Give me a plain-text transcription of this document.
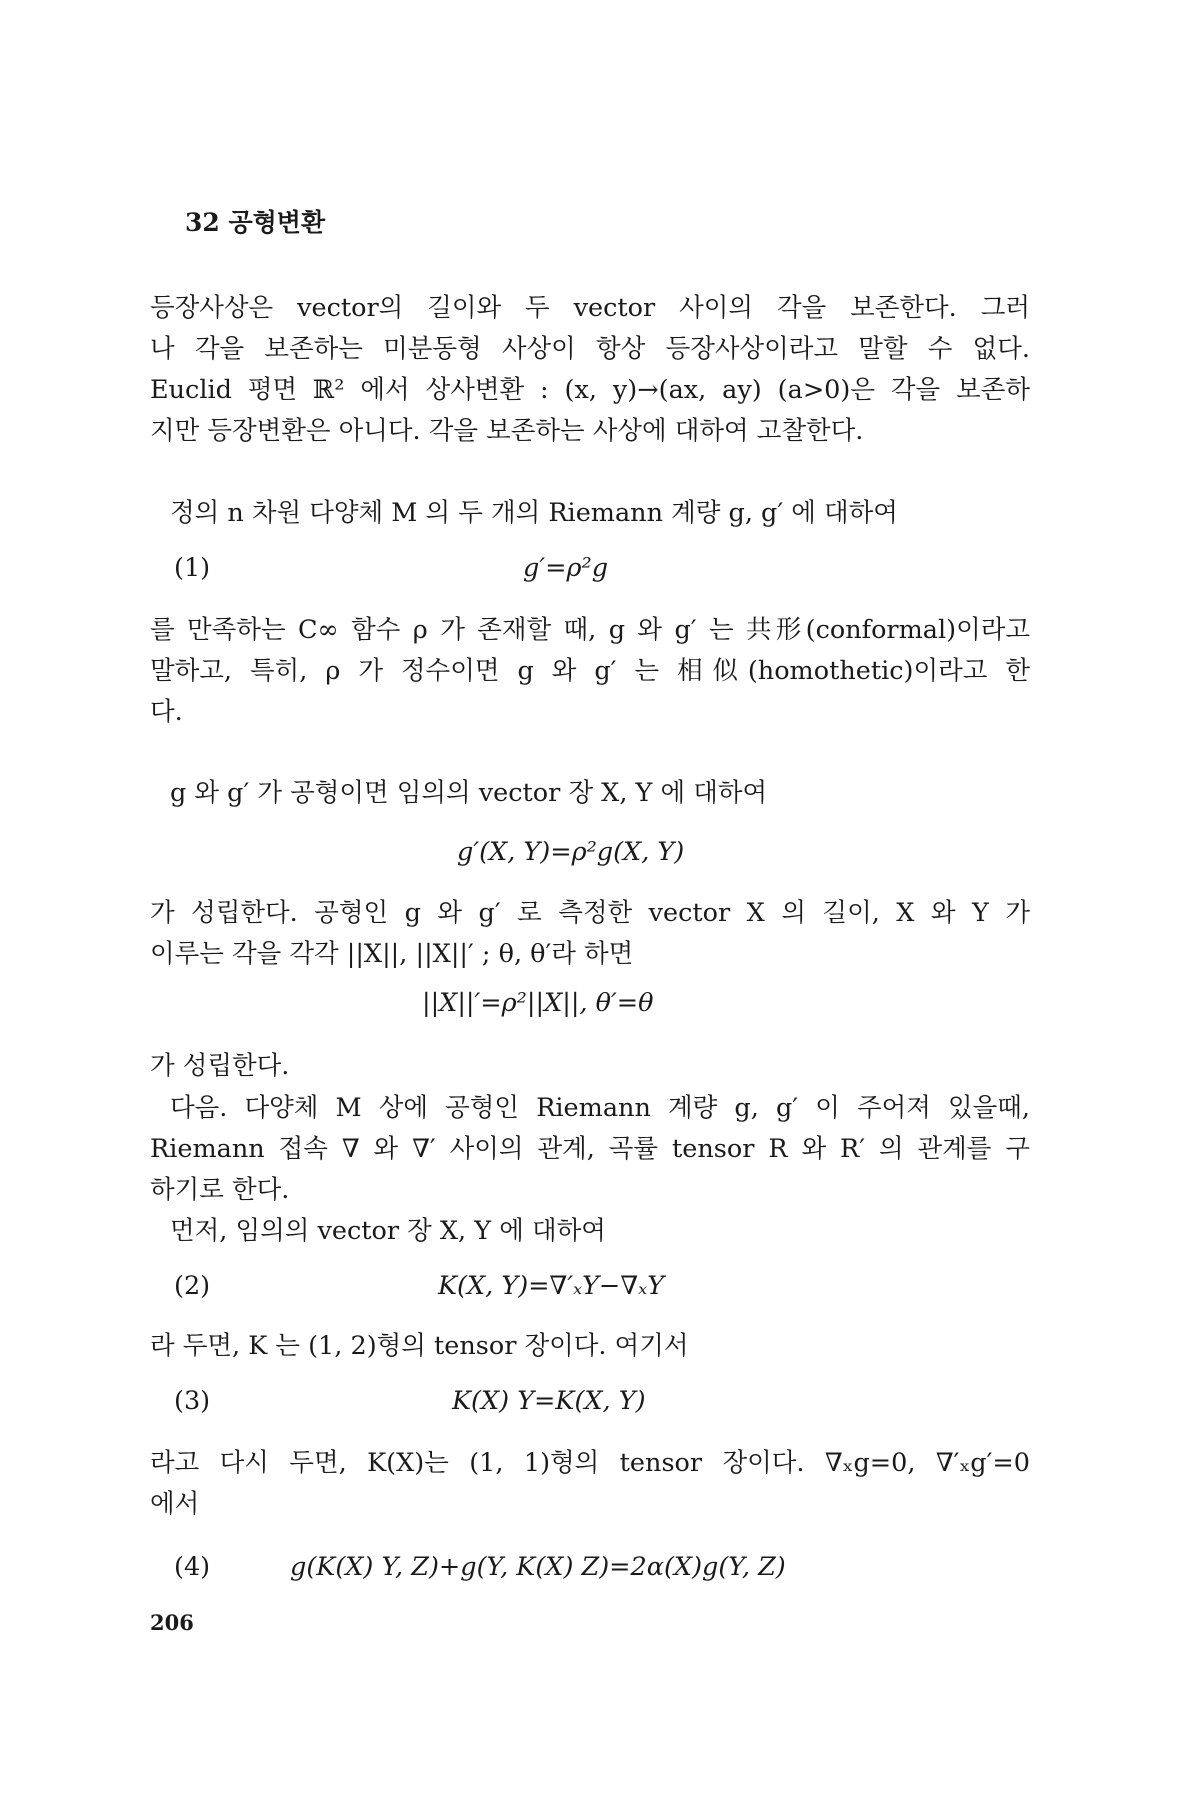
32 공형변환
등장사상은 vector의 길이와 두 vector 사이의 각을 보존한다. 그러
나 각을 보존하는 미분동형 사상이 항상 등장사상이라고 말할 수 없다.
Euclid 평면 ℝ² 에서 상사변환 : (x, y)→(ax, ay) (a>0)은 각을 보존하
지만 등장변환은 아니다. 각을 보존하는 사상에 대하여 고찰한다.
정의 n 차원 다양체 M 의 두 개의 Riemann 계량 g, g′ 에 대하여
(1)	g′=ρ²g
를 만족하는 C∞ 함수 ρ 가 존재할 때, g 와 g′ 는 共形(conformal)이라고
말하고, 특히, ρ 가 정수이면 g 와 g′ 는 相似(homothetic)이라고 한
다.
g 와 g′ 가 공형이면 임의의 vector 장 X, Y 에 대하여
g′(X, Y)=ρ²g(X, Y)
가 성립한다. 공형인 g 와 g′ 로 측정한 vector X 의 길이, X 와 Y 가
이루는 각을 각각 ||X||, ||X||′ ; θ, θ′라 하면
||X||′=ρ²||X||, θ′=θ
가 성립한다.
다음. 다양체 M 상에 공형인 Riemann 계량 g, g′ 이 주어져 있을때,
Riemann 접속 ∇ 와 ∇′ 사이의 관계, 곡률 tensor R 와 R′ 의 관계를 구
하기로 한다.
먼저, 임의의 vector 장 X, Y 에 대하여
(2)	K(X, Y)=∇′ₓY−∇ₓY
라 두면, K 는 (1, 2)형의 tensor 장이다. 여기서
(3)	K(X) Y=K(X, Y)
라고 다시 두면, K(X)는 (1, 1)형의 tensor 장이다. ∇ₓg=0, ∇′ₓg′=0
에서
(4)	g(K(X) Y, Z)+g(Y, K(X) Z)=2α(X)g(Y, Z)
206
